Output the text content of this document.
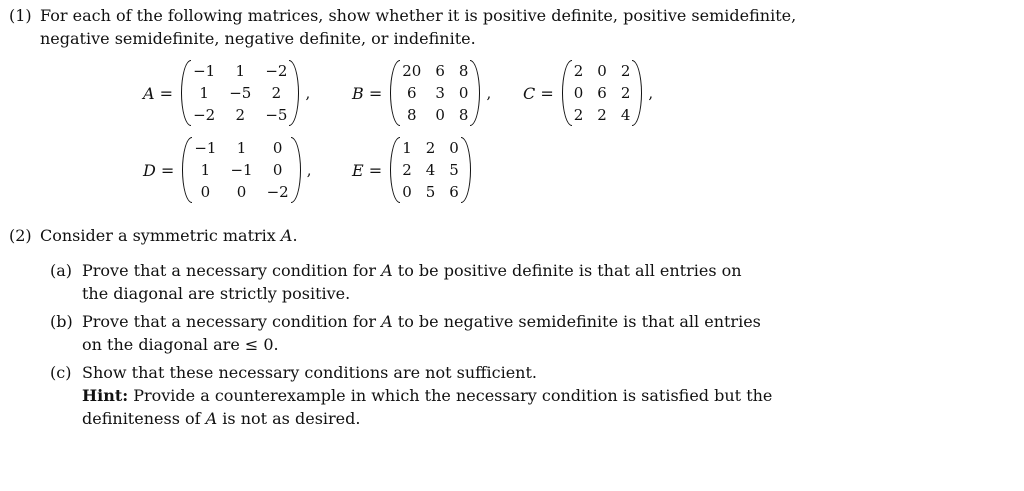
(1) For each of the following matrices, show whether it is positive definite, positive semidefinite,
negative semidefinite, negative definite, or indefinite.
A =
−1 1 −2
1 −5 2
−2 2 −5
,	B =
20 6 8
6 3 0
8 0 8
, C =
2 0 2
0 6 2
2 2 4
,
D =
−1 1 0
1 −1 0
0 0 −2
,	E =
1 2 0
2 4 5
0 5 6
(2) Consider a symmetric matrix A.
(a) Prove that a necessary condition for A to be positive definite is that all entries on
the diagonal are strictly positive.
(b) Prove that a necessary condition for A to be negative semidefinite is that all entries
on the diagonal are ≤ 0.
(c) Show that these necessary conditions are not sufficient.
Hint: Provide a counterexample in which the necessary condition is satisfied but the
definiteness of A is not as desired.
